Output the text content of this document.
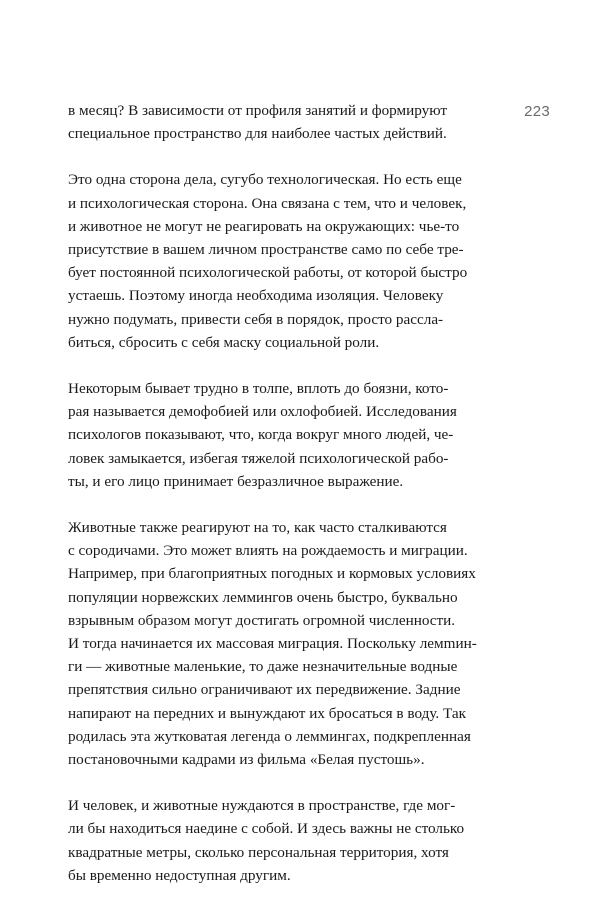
223

в месяц? В зависимости от профиля занятий и формируют
специальное пространство для наиболее частых действий.

Это одна сторона дела, сугубо технологическая. Но есть еще
и психологическая сторона. Она связана с тем, что и человек,
и животное не могут не реагировать на окружающих: чье-то
присутствие в вашем личном пространстве само по себе тре-
бует постоянной психологической работы, от которой быстро
устаешь. Поэтому иногда необходима изоляция. Человеку
нужно подумать, привести себя в порядок, просто рассла-
биться, сбросить с себя маску социальной роли.

Некоторым бывает трудно в толпе, вплоть до боязни, кото-
рая называется демофобией или охлофобией. Исследования
психологов показывают, что, когда вокруг много людей, че-
ловек замыкается, избегая тяжелой психологической рабо-
ты, и его лицо принимает безразличное выражение.

Животные также реагируют на то, как часто сталкиваются
с сородичами. Это может влиять на рождаемость и миграции.
Например, при благоприятных погодных и кормовых условиях
популяции норвежских леммингов очень быстро, буквально
взрывным образом могут достигать огромной численности.
И тогда начинается их массовая миграция. Поскольку лемmин-
ги — животные маленькие, то даже незначительные водные
препятствия сильно ограничивают их передвижение. Задние
напирают на передних и вынуждают их бросаться в воду. Так
родилась эта жутковатая легенда о леммингах, подкрепленная
постановочными кадрами из фильма «Белая пустошь».

И человек, и животные нуждаются в пространстве, где мог-
ли бы находиться наедине с собой. И здесь важны не столько
квадратные метры, сколько персональная территория, хотя
бы временно недоступная другим.
